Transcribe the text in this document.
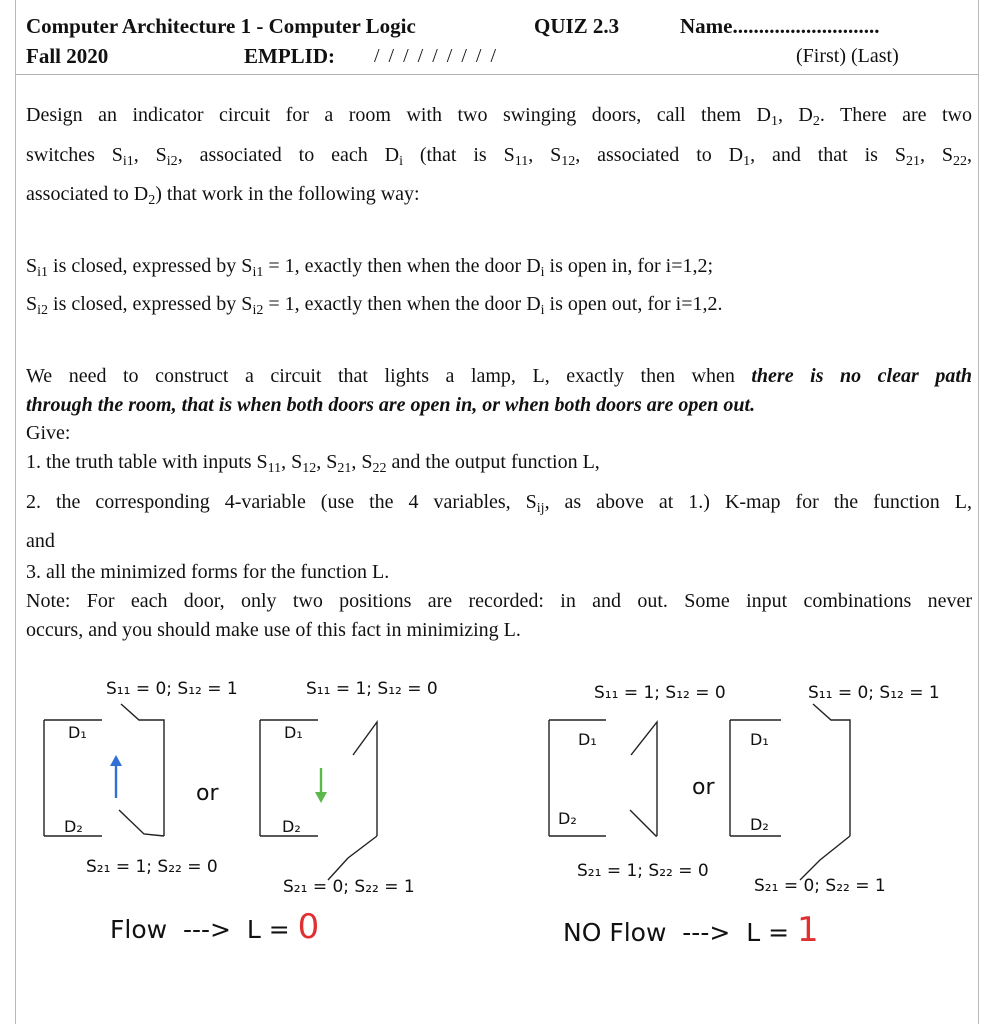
Computer Architecture 1 - Computer Logic	QUIZ 2.3	Name............................
Fall 2020	EMPLID: / / / / / / / / /	(First) (Last)
Design an indicator circuit for a room with two swinging doors, call them $D_1$, $D_2$. There are two
switches $S_{i1}$, $S_{i2}$, associated to each $D_i$ (that is $S_{11}$, $S_{12}$, associated to $D_1$, and that is $S_{21}$, $S_{22}$,
associated to $D_2$) that work in the following way:
$S_{i1}$ is closed, expressed by $S_{i1} = 1$, exactly then when the door $D_i$ is open in, for i=1,2;
$S_{i2}$ is closed, expressed by $S_{i2} = 1$, exactly then when the door $D_i$ is open out, for i=1,2.
We need to construct a circuit that lights a lamp, L, exactly then when there is no clear path
through the room, that is when both doors are open in, or when both doors are open out.
Give:
1. the truth table with inputs $S_{11}$, $S_{12}$, $S_{21}$, $S_{22}$ and the output function L,
2. the corresponding 4-variable (use the 4 variables, $S_{ij}$, as above at 1.) K-map for the function L,
and
3. all the minimized forms for the function L.
Note: For each door, only two positions are recorded: in and out. Some input combinations never
occurs, and you should make use of this fact in minimizing L.
S₁₁ = 0; S₁₂ = 1	S₁₁ = 1; S₁₂ = 0	S₁₁ = 1; S₁₂ = 0	S₁₁ = 0; S₁₂ = 1
S₂₁ = 1; S₂₂ = 0
S₂₁ = 0; S₂₂ = 1
S₂₁ = 1; S₂₂ = 0
S₂₁ = 0; S₂₂ = 1
D₁
D₂
D₁
D₂
D₁
D₂
D₁
D₂
or	or
Flow  --->  L = 0	NO Flow  --->  L = 1
